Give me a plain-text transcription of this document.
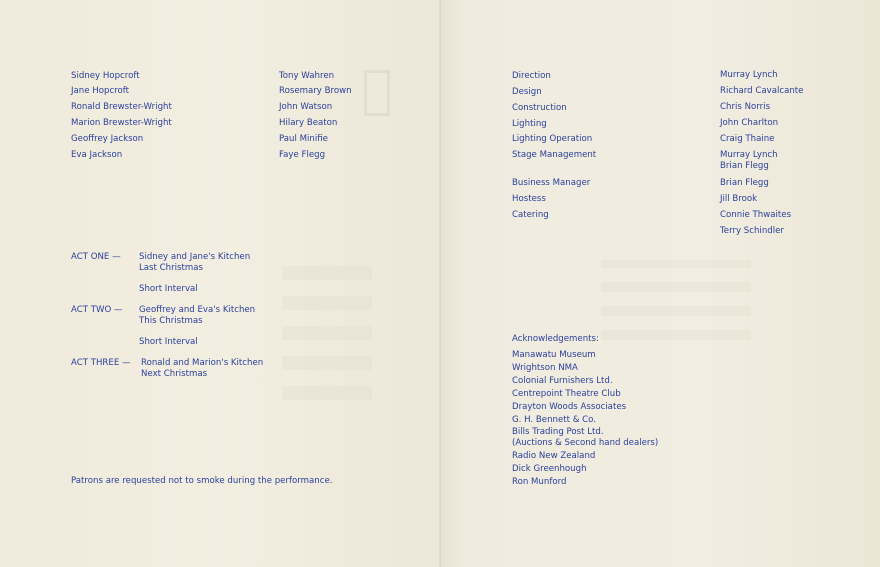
Sidney Hopcroft
Jane Hopcroft
Ronald Brewster-Wright
Marion Brewster-Wright
Geoffrey Jackson
Eva Jackson
Tony Wahren
Rosemary Brown
John Watson
Hilary Beaton
Paul Minifie
Faye Flegg
ACT ONE — Sidney and Jane's Kitchen
Last Christmas
Short Interval
ACT TWO — Geoffrey and Eva's Kitchen
This Christmas
Short Interval
ACT THREE — Ronald and Marion's Kitchen
Next Christmas
Patrons are requested not to smoke during the performance.
Direction
Design
Construction
Lighting
Lighting Operation
Stage Management
Business Manager
Hostess
Catering
Murray Lynch
Richard Cavalcante
Chris Norris
John Charlton
Craig Thaine
Murray Lynch
Brian Flegg
Brian Flegg
Jill Brook
Connie Thwaites
Terry Schindler
Acknowledgements:
Manawatu Museum
Wrightson NMA
Colonial Furnishers Ltd.
Centrepoint Theatre Club
Drayton Woods Associates
G. H. Bennett & Co.
Bills Trading Post Ltd.
(Auctions & Second hand dealers)
Radio New Zealand
Dick Greenhough
Ron Munford
